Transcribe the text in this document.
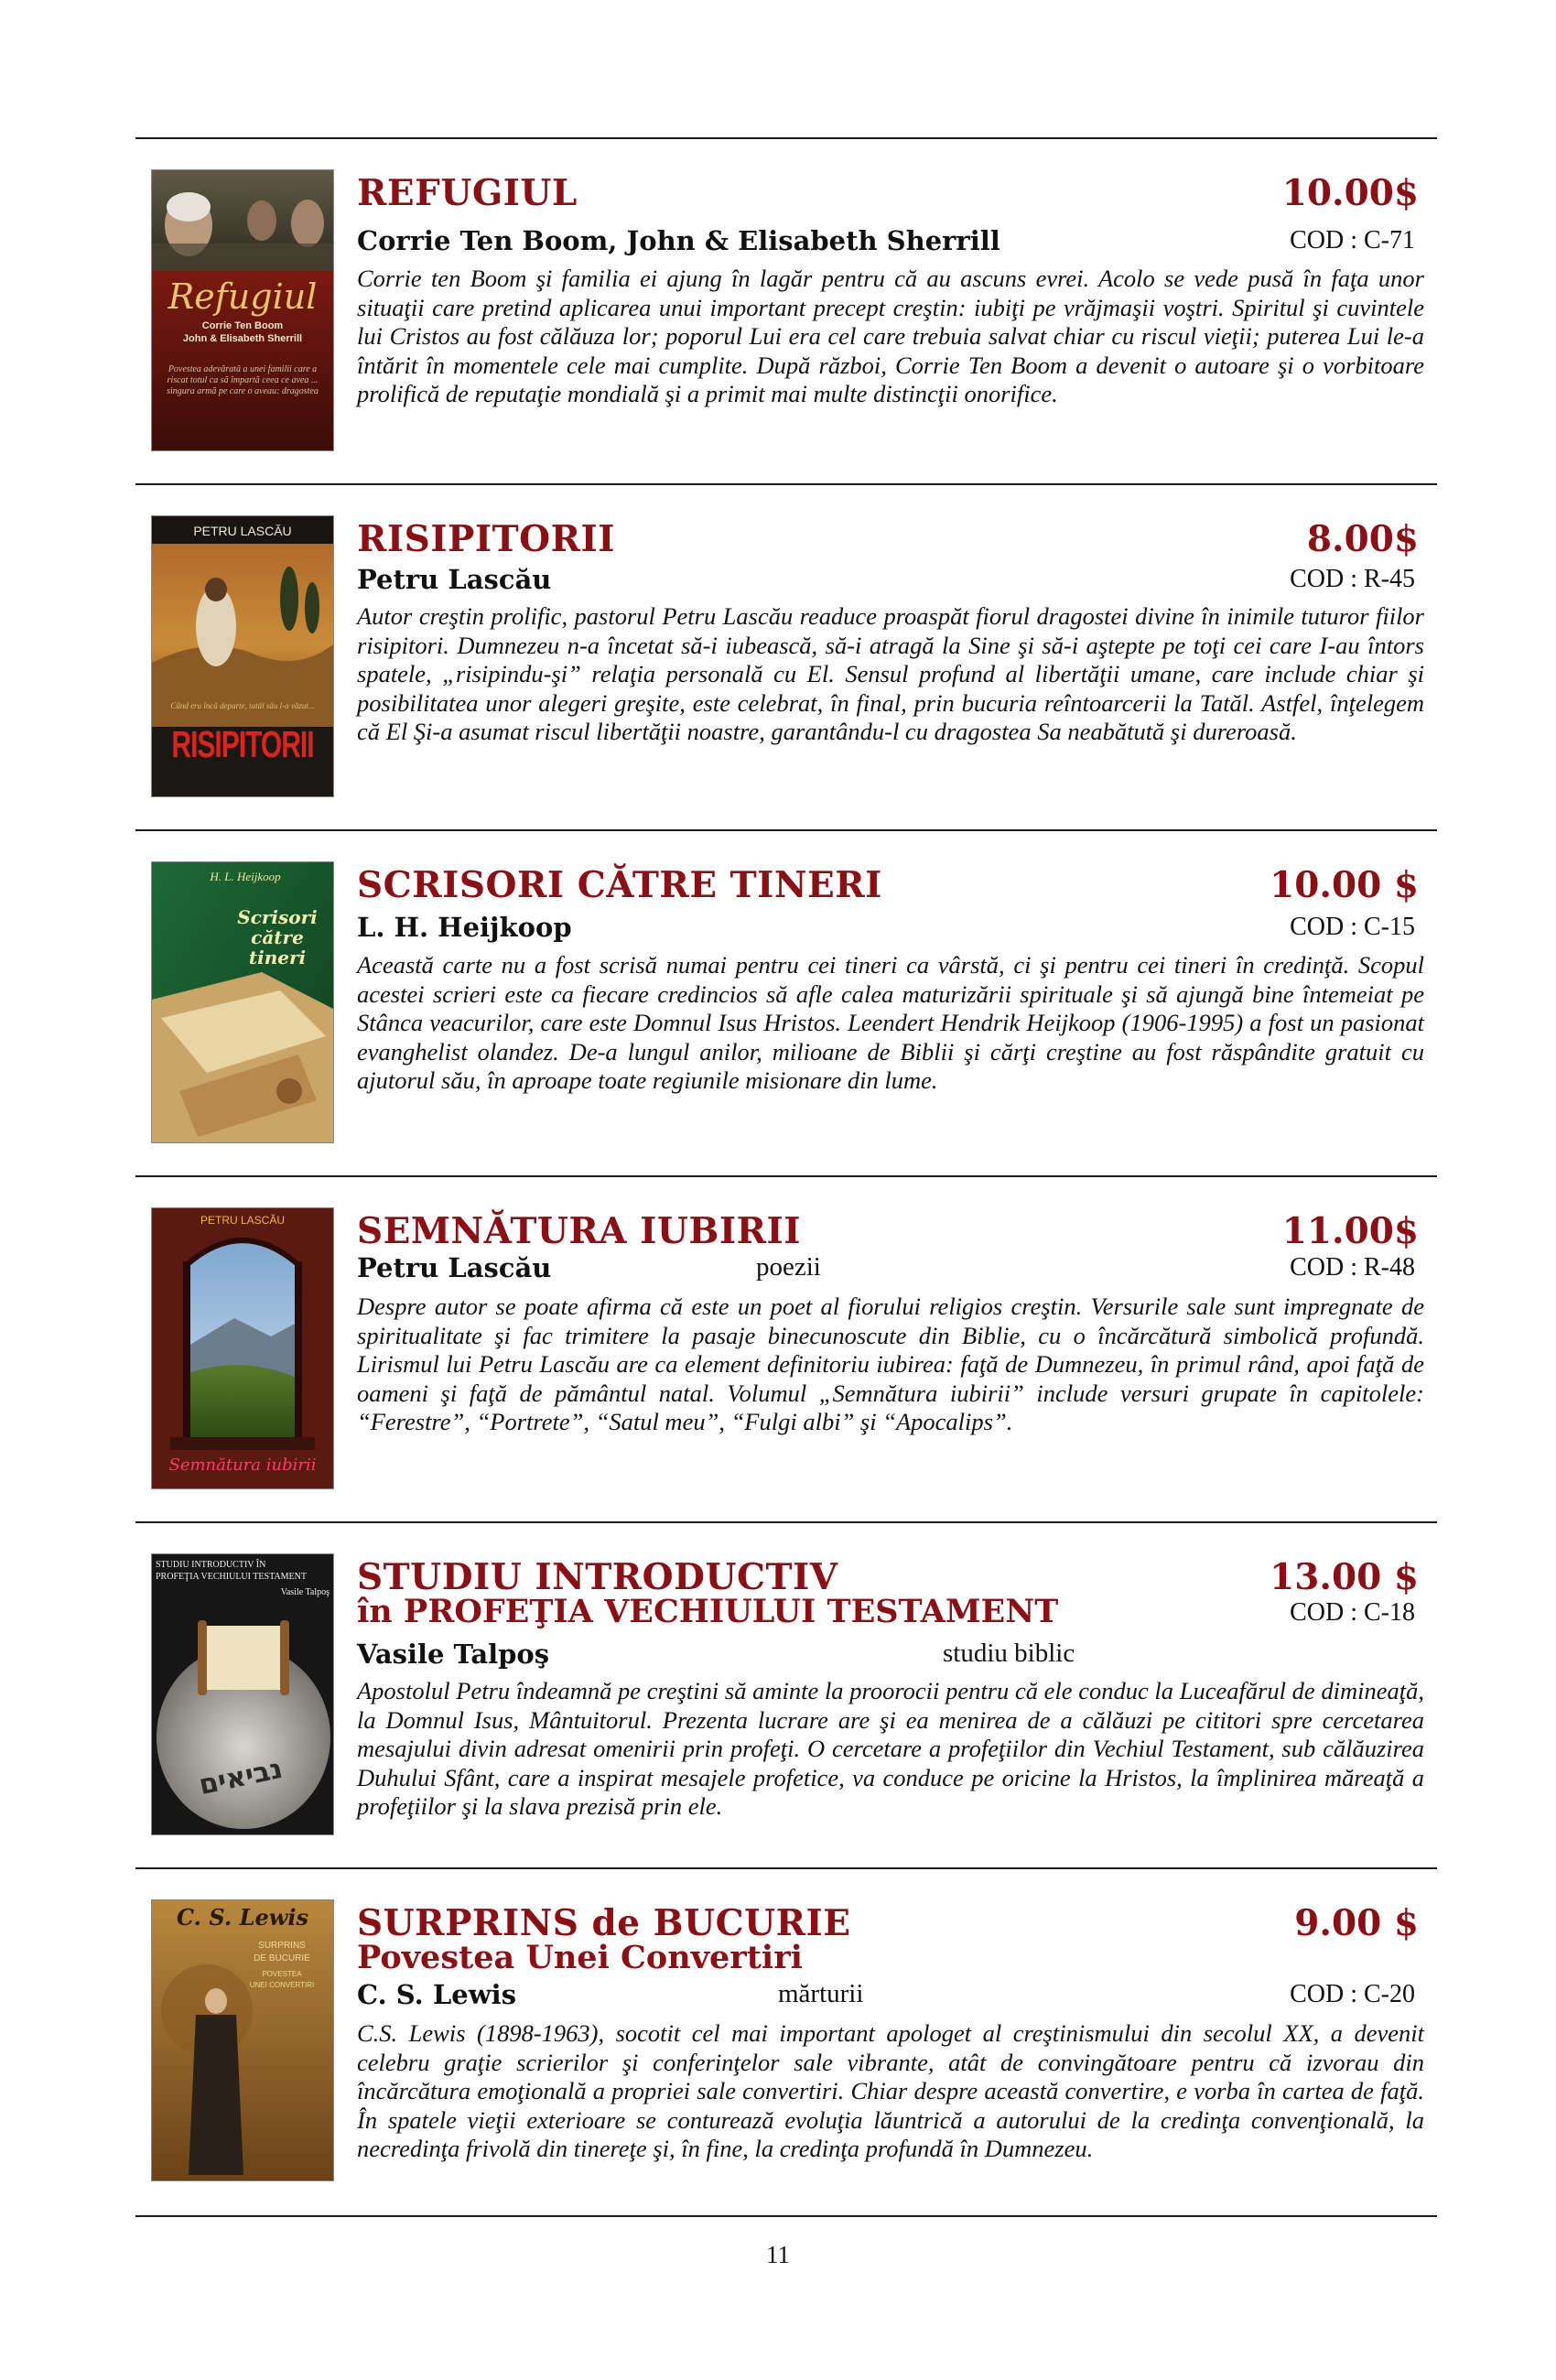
Refugiul
Corrie Ten Boom
John & Elisabeth Sherrill
Povestea adevărată a unei familii care a riscat totul ca să împartă ceea ce avea ... singura armă pe care o aveau: dragostea
REFUGIUL	10.00$
Corrie Ten Boom, John & Elisabeth Sherrill	COD : C-71

Corrie ten Boom şi familia ei ajung în lagăr pentru că au ascuns evrei. Acolo se vede pusă în faţa unor situaţii care pretind aplicarea unui important precept creştin: iubiţi pe vrăjmaşii voştri. Spiritul şi cuvintele lui Cristos au fost călăuza lor; poporul Lui era cel care trebuia salvat chiar cu riscul vieţii; puterea Lui le-a întărit în momentele cele mai cumplite. După război, Corrie Ten Boom a devenit o autoare şi o vorbitoare prolifică de reputaţie mondială şi a primit mai multe distincţii onorifice.

PETRU LASCĂU
Când era încă departe, tatăl său l-a văzut...
RISIPITORII
RISIPITORII	8.00$
Petru Lascău	COD : R-45

Autor creştin prolific, pastorul Petru Lascău readuce proaspăt fiorul dragostei divine în inimile tuturor fiilor risipitori. Dumnezeu n-a încetat să-i iubească, să-i atragă la Sine şi să-i aştepte pe toţi cei care I-au întors spatele, „risipindu-şi” relaţia personală cu El. Sensul profund al libertăţii umane, care include chiar şi posibilitatea unor alegeri greşite, este celebrat, în final, prin bucuria reîntoarcerii la Tatăl. Astfel, înţelegem că El Şi-a asumat riscul libertăţii noastre, garantându-l cu dragostea Sa neabătută şi dureroasă.

H. L. Heijkoop
Scrisori
către
tineri
SCRISORI CĂTRE TINERI	10.00 $
L. H. Heijkoop	COD : C-15

Această carte nu a fost scrisă numai pentru cei tineri ca vârstă, ci şi pentru cei tineri în credinţă. Scopul acestei scrieri este ca fiecare credincios să afle calea maturizării spirituale şi să ajungă bine întemeiat pe Stânca veacurilor, care este Domnul Isus Hristos. Leendert Hendrik Heijkoop (1906-1995) a fost un pasionat evanghelist olandez. De-a lungul anilor, milioane de Biblii şi cărţi creştine au fost răspândite gratuit cu ajutorul său, în aproape toate regiunile misionare din lume.

PETRU LASCĂU
Semnătura iubirii
SEMNĂTURA IUBIRII	11.00$
Petru Lascău	poezii	COD : R-48

Despre autor se poate afirma că este un poet al fiorului religios creştin. Versurile sale sunt impregnate de spiritualitate şi fac trimitere la pasaje binecunoscute din Biblie, cu o încărcătură simbolică profundă. Lirismul lui Petru Lascău are ca element definitoriu iubirea: faţă de Dumnezeu, în primul rând, apoi faţă de oameni şi faţă de pământul natal. Volumul „Semnătura iubirii” include versuri grupate în capitolele: “Ferestre”, “Portrete”, “Satul meu”, “Fulgi albi” şi “Apocalips”.

STUDIU INTRODUCTIV ÎN
PROFEŢIA VECHIULUI TESTAMENT
Vasile Talpoş
נביאים
STUDIU INTRODUCTIV	13.00 $
în PROFEŢIA VECHIULUI TESTAMENT	COD : C-18
Vasile Talpoş	studiu biblic

Apostolul Petru îndeamnă pe creştini să aminte la proorocii pentru că ele conduc la Luceafărul de dimineaţă, la Domnul Isus, Mântuitorul. Prezenta lucrare are şi ea menirea de a călăuzi pe cititori spre cercetarea mesajului divin adresat omenirii prin profeţi. O cercetare a profeţiilor din Vechiul Testament, sub călăuzirea Duhului Sfânt, care a inspirat mesajele profetice, va conduce pe oricine la Hristos, la împlinirea măreaţă a profeţiilor şi la slava prezisă prin ele.

C. S. Lewis
SURPRINS
DE BUCURIE
POVESTEA
UNEI CONVERTIRI
SURPRINS de BUCURIE	9.00 $
Povestea Unei Convertiri
C. S. Lewis	mărturii	COD : C-20

C.S. Lewis (1898-1963), socotit cel mai important apologet al creştinismului din secolul XX, a devenit celebru graţie scrierilor şi conferinţelor sale vibrante, atât de convingătoare pentru că izvorau din încărcătura emoţională a propriei sale convertiri. Chiar despre această convertire, e vorba în cartea de faţă. În spatele vieţii exterioare se conturează evoluţia lăuntrică a autorului de la credinţa convenţională, la necredinţa frivolă din tinereţe şi, în fine, la credinţa profundă în Dumnezeu.

11
